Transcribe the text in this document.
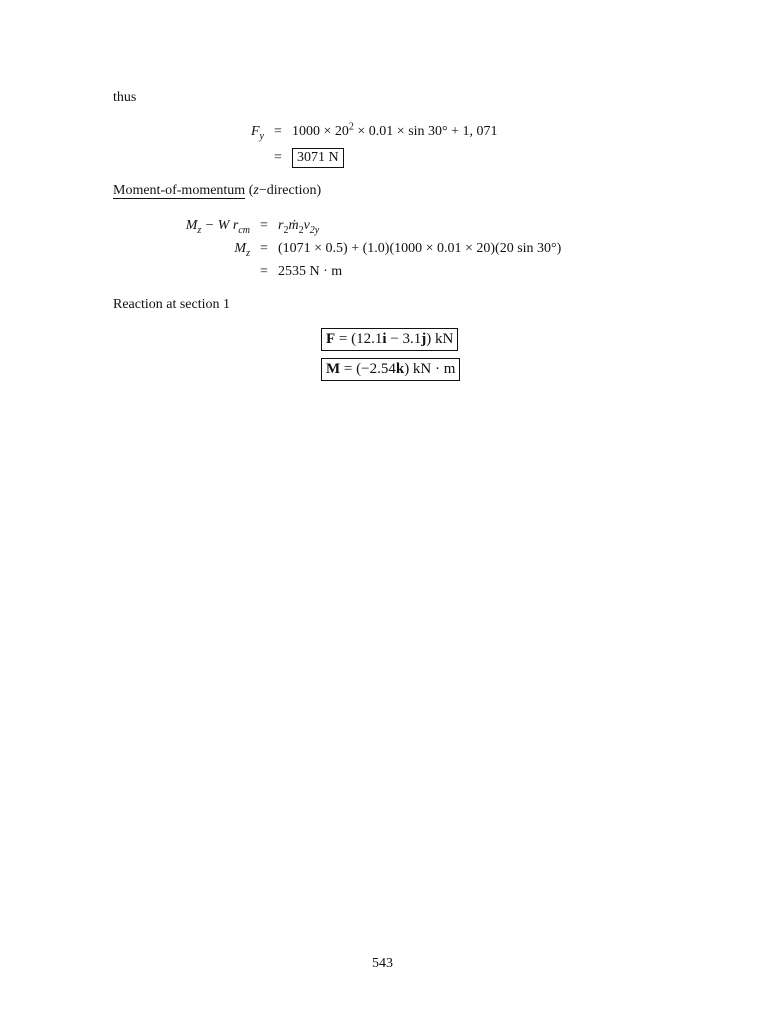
thus
$F_y = 1000 \times 20^2 \times 0.01 \times \sin 30^\circ + 1$, 071
=	3071 N
Moment-of-momentum (z−direction)
$M_z - W$ $r_{cm}$ = $r_2ṁ_2v_{2y}$
$M_z = (1071 \times 0.5) + (1.0)(1000 \times 0.01 \times 20)(20$ sin 30°)
= 2535 N · m
Reaction at section 1
F = (12.1i − 3.1j) kN
M = (−2.54k) kN · m
543
